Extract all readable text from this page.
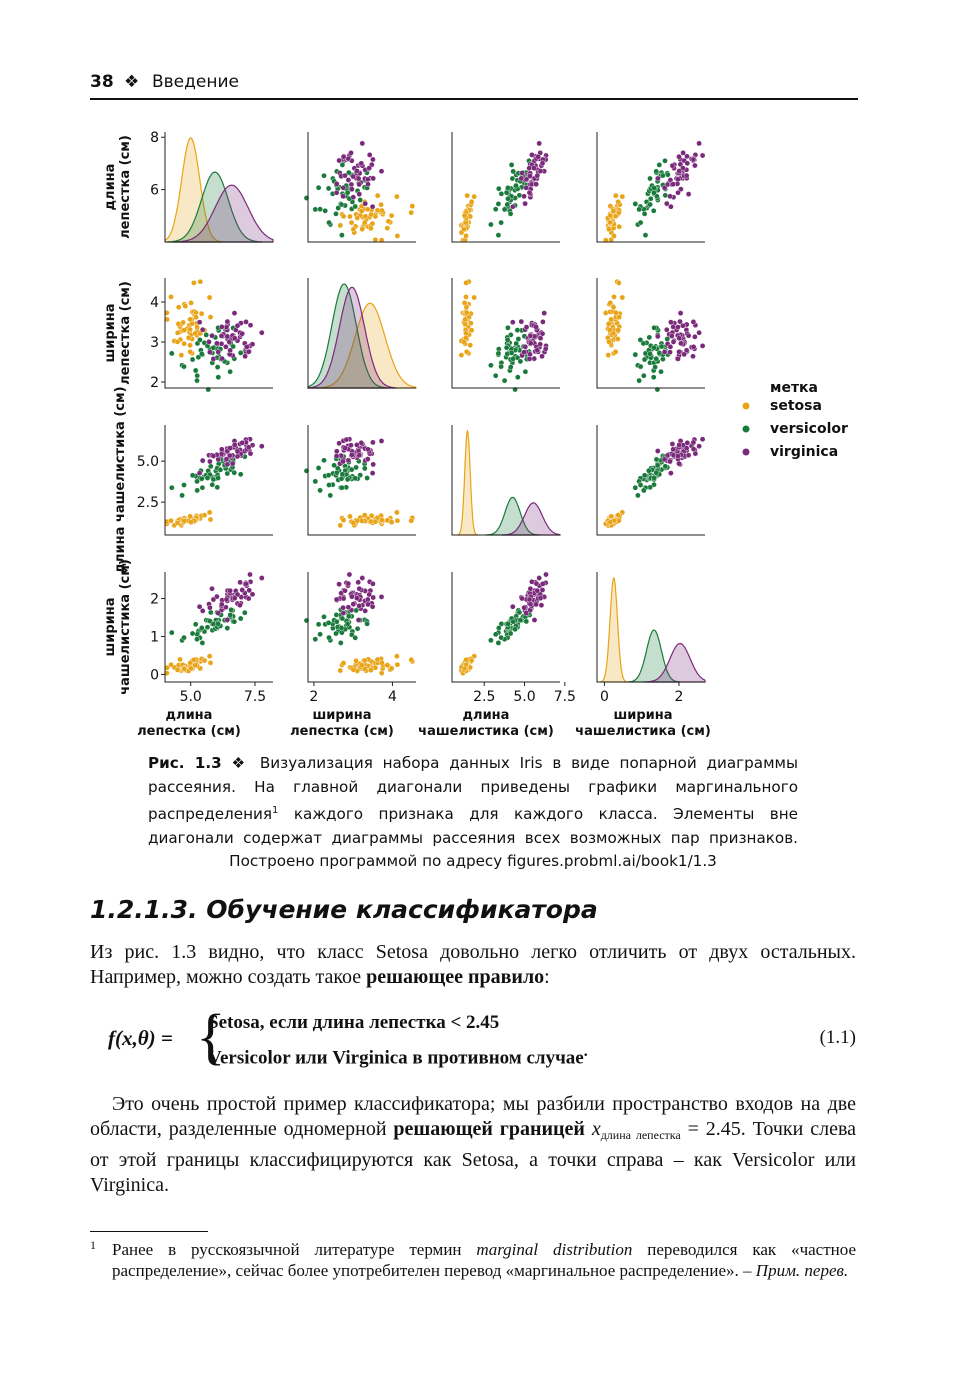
38 ❖ Введение
6
8
2
3
4
2.5
5.0
0
1
2
5.0	7.5	2	4	2.5 5.0 7.5 0	2
длина лепестка (см)
ширина лепестка (см)
длина чашелистика (см)
ширина чашелистика (см)
длина
лепестка (см)
ширина
лепестка (см)
длина
чашелистика (см)
ширина
чашелистика (см)
метка
setosa
versicolor
virginica
Рис. 1.3 ❖ Визуализация набора данных Iris в виде попарной диаграммы рассеяния. На главной диагонали приведены графики маргинального распределения$^1$ каждого признака для каждого класса. Элементы вне диагонали содержат диаграммы рассеяния всех возможных пар признаков. Построено программой по адресу figures.probml.ai/book1/1.3
1.2.1.3. Обучение классификатора
Из рис. 1.3 видно, что класс Setosa довольно легко отличить от двух остальных. Например, можно создать такое решающее правило:
f(x,θ) = {
Setosa, если длина лепестка < 2.45
Versicolor или Virginica в противном случае.
(1.1)
Это очень простой пример классификатора; мы разбили пространство входов на две области, разделенные одномерной решающей границей $x_{длина лепестка} = 2.45$. Точки слева от этой границы классифицируются как Setosa, а точки справа – как Versicolor или Virginica.
1 Ранее в русскоязычной литературе термин marginal distribution переводился как «частное распределение», сейчас более употребителен перевод «маргинальное распределение». – Прим. перев.
